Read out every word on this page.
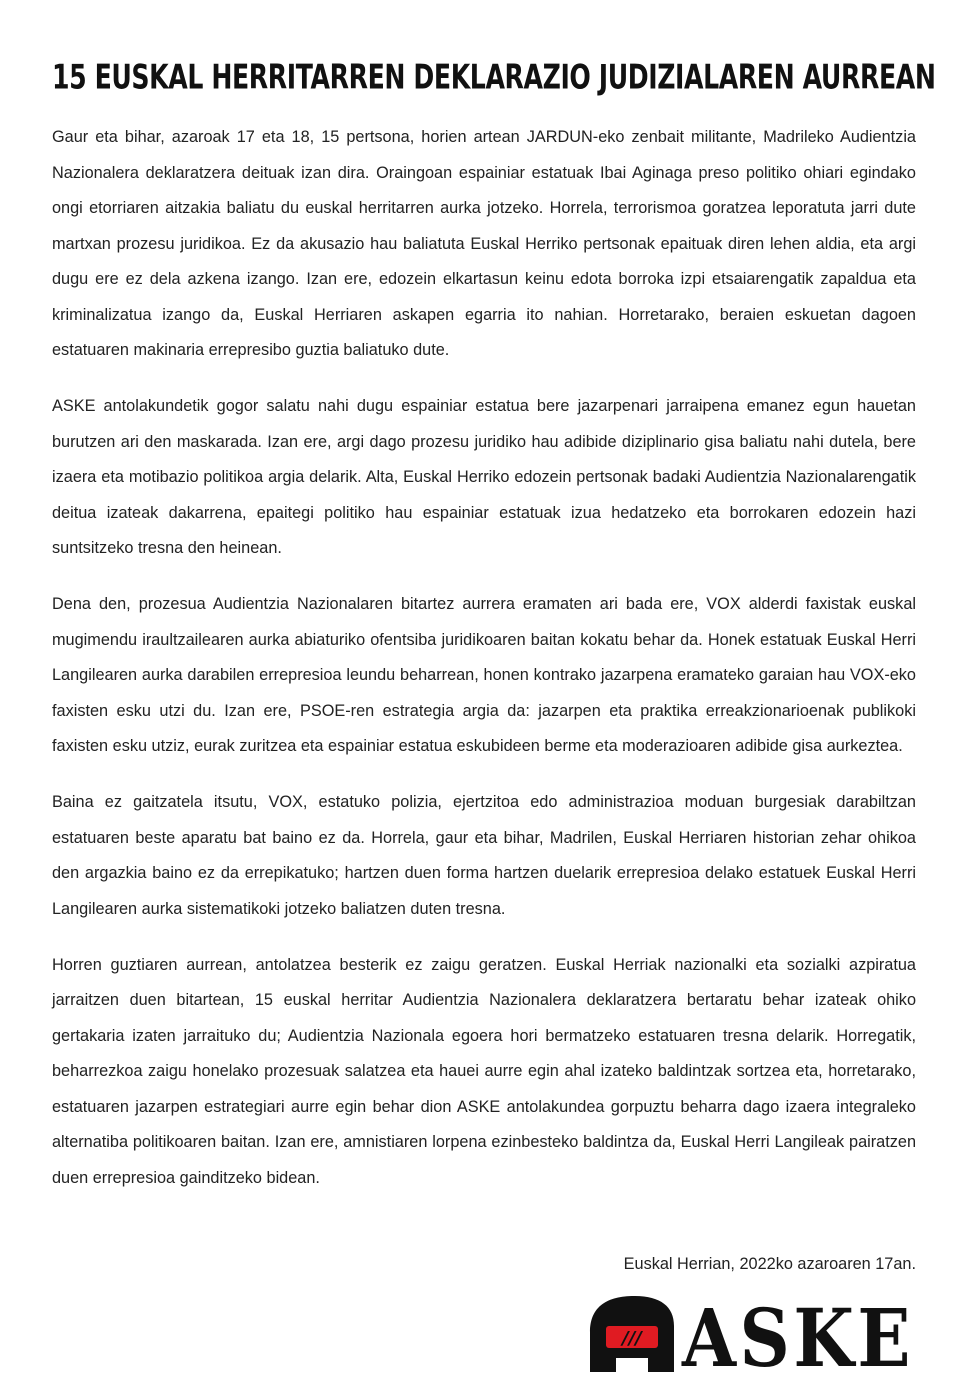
15 EUSKAL HERRITARREN DEKLARAZIO JUDIZIALAREN AURREAN

Gaur eta bihar, azaroak 17 eta 18, 15 pertsona, horien artean JARDUN-eko zenbait militante, Madrileko Audientzia Nazionalera deklaratzera deituak izan dira. Oraingoan espainiar estatuak Ibai Aginaga preso politiko ohiari egindako ongi etorriaren aitzakia baliatu du euskal herritarren aurka jotzeko. Horrela, terrorismoa goratzea leporatuta jarri dute martxan prozesu juridikoa. Ez da akusazio hau baliatuta Euskal Herriko pertsonak epaituak diren lehen aldia, eta argi dugu ere ez dela azkena izango. Izan ere, edozein elkartasun keinu edota borroka izpi etsaiarengatik zapaldua eta kriminalizatua izango da, Euskal Herriaren askapen egarria ito nahian. Horretarako, beraien eskuetan dagoen estatuaren makinaria errepresibo guztia baliatuko dute.

ASKE antolakundetik gogor salatu nahi dugu espainiar estatua bere jazarpenari jarraipena emanez egun hauetan burutzen ari den maskarada. Izan ere, argi dago prozesu juridiko hau adibide diziplinario gisa baliatu nahi dutela, bere izaera eta motibazio politikoa argia delarik. Alta, Euskal Herriko edozein pertsonak badaki Audientzia Nazionalarengatik deitua izateak dakarrena, epaitegi politiko hau espainiar estatuak izua hedatzeko eta borrokaren edozein hazi suntsitzeko tresna den heinean.

Dena den, prozesua Audientzia Nazionalaren bitartez aurrera eramaten ari bada ere, VOX alderdi faxistak euskal mugimendu iraultzailearen aurka abiaturiko ofentsiba juridikoaren baitan kokatu behar da. Honek estatuak Euskal Herri Langilearen aurka darabilen errepresioa leundu beharrean, honen kontrako jazarpena eramateko garaian hau VOX-eko faxisten esku utzi du. Izan ere, PSOE-ren estrategia argia da: jazarpen eta praktika erreakzionarioenak publikoki faxisten esku utziz, eurak zuritzea eta espainiar estatua eskubideen berme eta moderazioaren adibide gisa aurkeztea.

Baina ez gaitzatela itsutu, VOX, estatuko polizia, ejertzitoa edo administrazioa moduan burgesiak darabiltzan estatuaren beste aparatu bat baino ez da. Horrela, gaur eta bihar, Madrilen, Euskal Herriaren historian zehar ohikoa den argazkia baino ez da errepikatuko; hartzen duen forma hartzen duelarik errepresioa delako estatuek Euskal Herri Langilearen aurka sistematikoki jotzeko baliatzen duten tresna.

Horren guztiaren aurrean, antolatzea besterik ez zaigu geratzen. Euskal Herriak nazionalki eta sozialki azpiratua jarraitzen duen bitartean, 15 euskal herritar Audientzia Nazionalera deklaratzera bertaratu behar izateak ohiko gertakaria izaten jarraituko du; Audientzia Nazionala egoera hori bermatzeko estatuaren tresna delarik. Horregatik, beharrezkoa zaigu honelako prozesuak salatzea eta hauei aurre egin ahal izateko baldintzak sortzea eta, horretarako, estatuaren jazarpen estrategiari aurre egin behar dion ASKE antolakundea gorpuztu beharra dago izaera integraleko alternatiba politikoaren baitan. Izan ere, amnistiaren lorpena ezinbesteko baldintza da, Euskal Herri Langileak pairatzen duen errepresioa gainditzeko bidean.

Euskal Herrian, 2022ko azaroaren 17an.

/// ASKE
